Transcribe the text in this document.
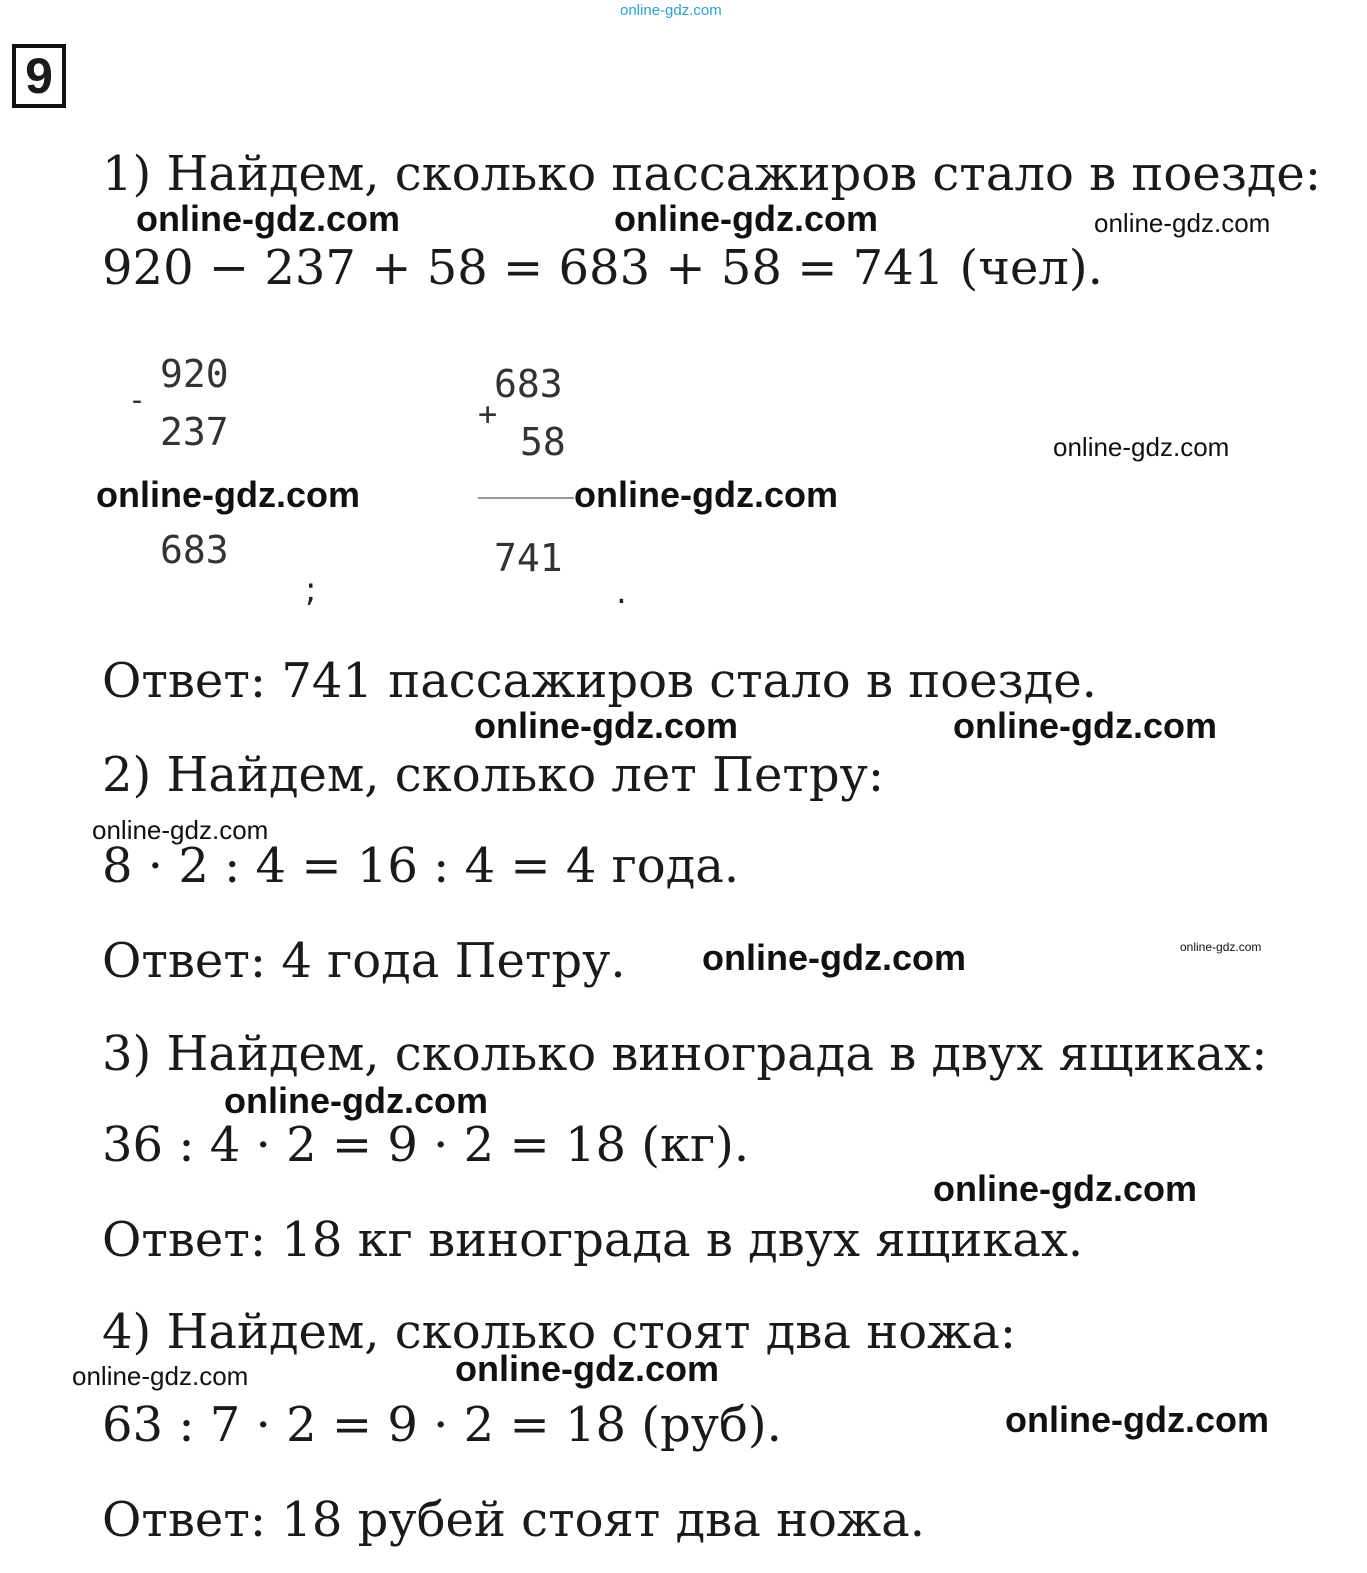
online-gdz.com
9
1) Найдем, сколько пассажиров стало в поезде:
920 − 237 + 58 = 683 + 58 = 741 (чел).
920
-
237
683
;
683
+
58
741
.
Ответ: 741 пассажиров стало в поезде.
2) Найдем, сколько лет Петру:
8 · 2 : 4 = 16 : 4 = 4 года.
Ответ: 4 года Петру.
3) Найдем, сколько винограда в двух ящиках:
36 : 4 · 2 = 9 · 2 = 18 (кг).
Ответ: 18 кг винограда в двух ящиках.
4) Найдем, сколько стоят два ножа:
63 : 7 · 2 = 9 · 2 = 18 (руб).
Ответ: 18 рубей стоят два ножа.
online-gdz.com	online-gdz.com	online-gdz.com
online-gdz.com
online-gdz.com	online-gdz.com
online-gdz.com	online-gdz.com
online-gdz.com
online-gdz.com	online-gdz.com
online-gdz.com
online-gdz.com
online-gdz.com	online-gdz.com
online-gdz.com
